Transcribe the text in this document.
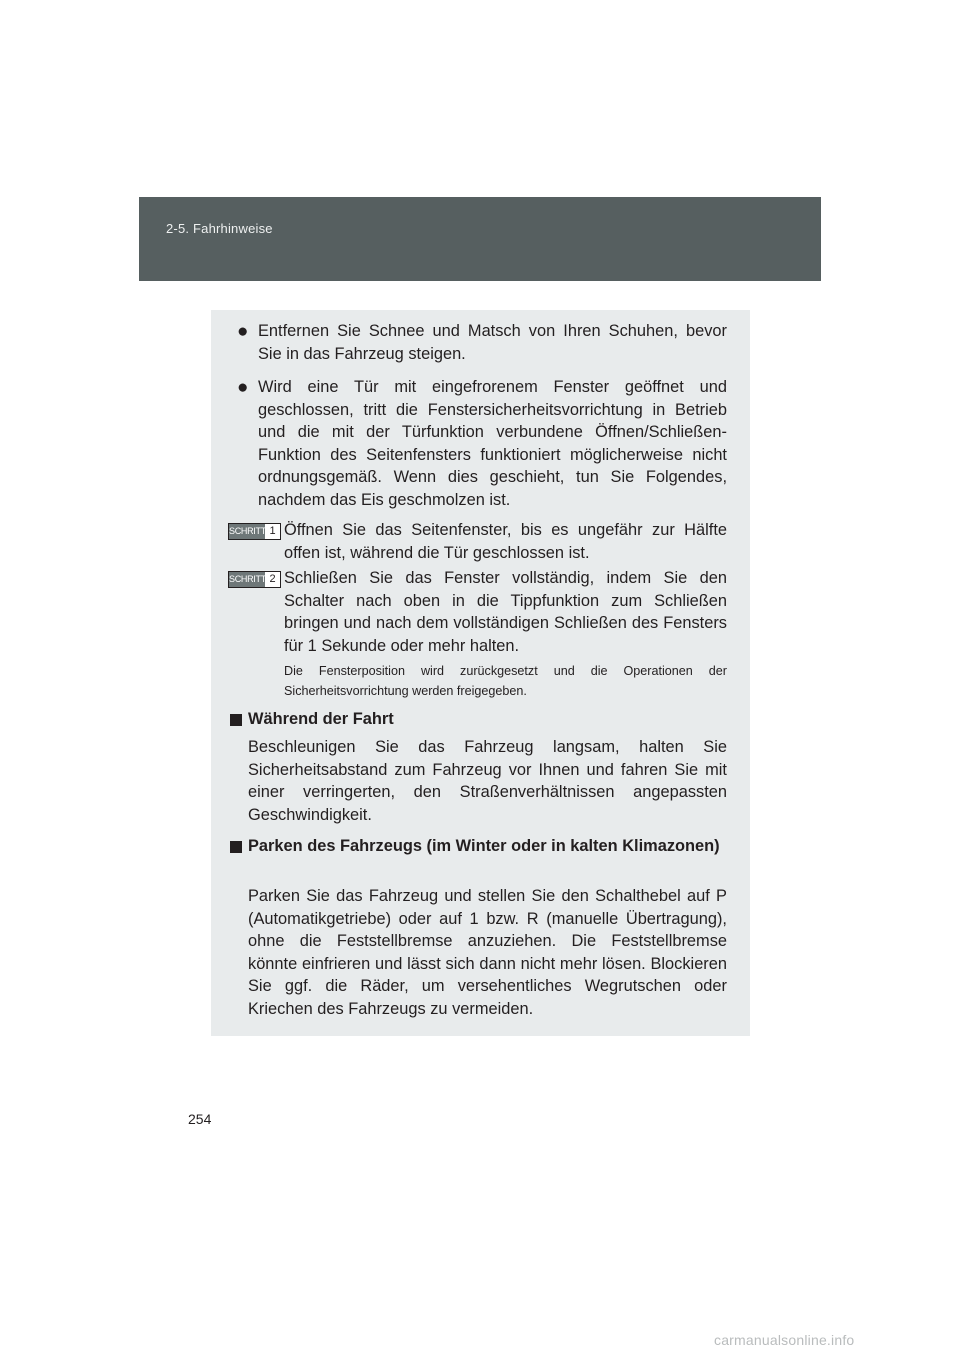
2-5. Fahrhinweise
● Entfernen Sie Schnee und Matsch von Ihren Schuhen, bevor Sie in das Fahrzeug steigen.
● Wird eine Tür mit eingefrorenem Fenster geöffnet und geschlossen, tritt die Fenstersicherheitsvorrichtung in Betrieb und die mit der Türfunktion verbundene Öffnen/Schließen-Funktion des Seitenfensters funktioniert möglicherweise nicht ordnungsgemäß. Wenn dies geschieht, tun Sie Folgendes, nachdem das Eis geschmolzen ist.
SCHRITT 1 Öffnen Sie das Seitenfenster, bis es ungefähr zur Hälfte offen ist, während die Tür geschlossen ist.
SCHRITT 2 Schließen Sie das Fenster vollständig, indem Sie den Schalter nach oben in die Tippfunktion zum Schließen bringen und nach dem vollständigen Schließen des Fensters für 1 Sekunde oder mehr halten.
Die Fensterposition wird zurückgesetzt und die Operationen der Sicherheitsvorrichtung werden freigegeben.
Während der Fahrt
Beschleunigen Sie das Fahrzeug langsam, halten Sie Sicherheitsabstand zum Fahrzeug vor Ihnen und fahren Sie mit einer verringerten, den Straßenverhältnissen angepassten Geschwindigkeit.
Parken des Fahrzeugs (im Winter oder in kalten Klimazonen)
Parken Sie das Fahrzeug und stellen Sie den Schalthebel auf P (Automatikgetriebe) oder auf 1 bzw. R (manuelle Übertragung), ohne die Feststellbremse anzuziehen. Die Feststellbremse könnte einfrieren und lässt sich dann nicht mehr lösen. Blockieren Sie ggf. die Räder, um versehentliches Wegrutschen oder Kriechen des Fahrzeugs zu vermeiden.
254
carmanualsonline.info
